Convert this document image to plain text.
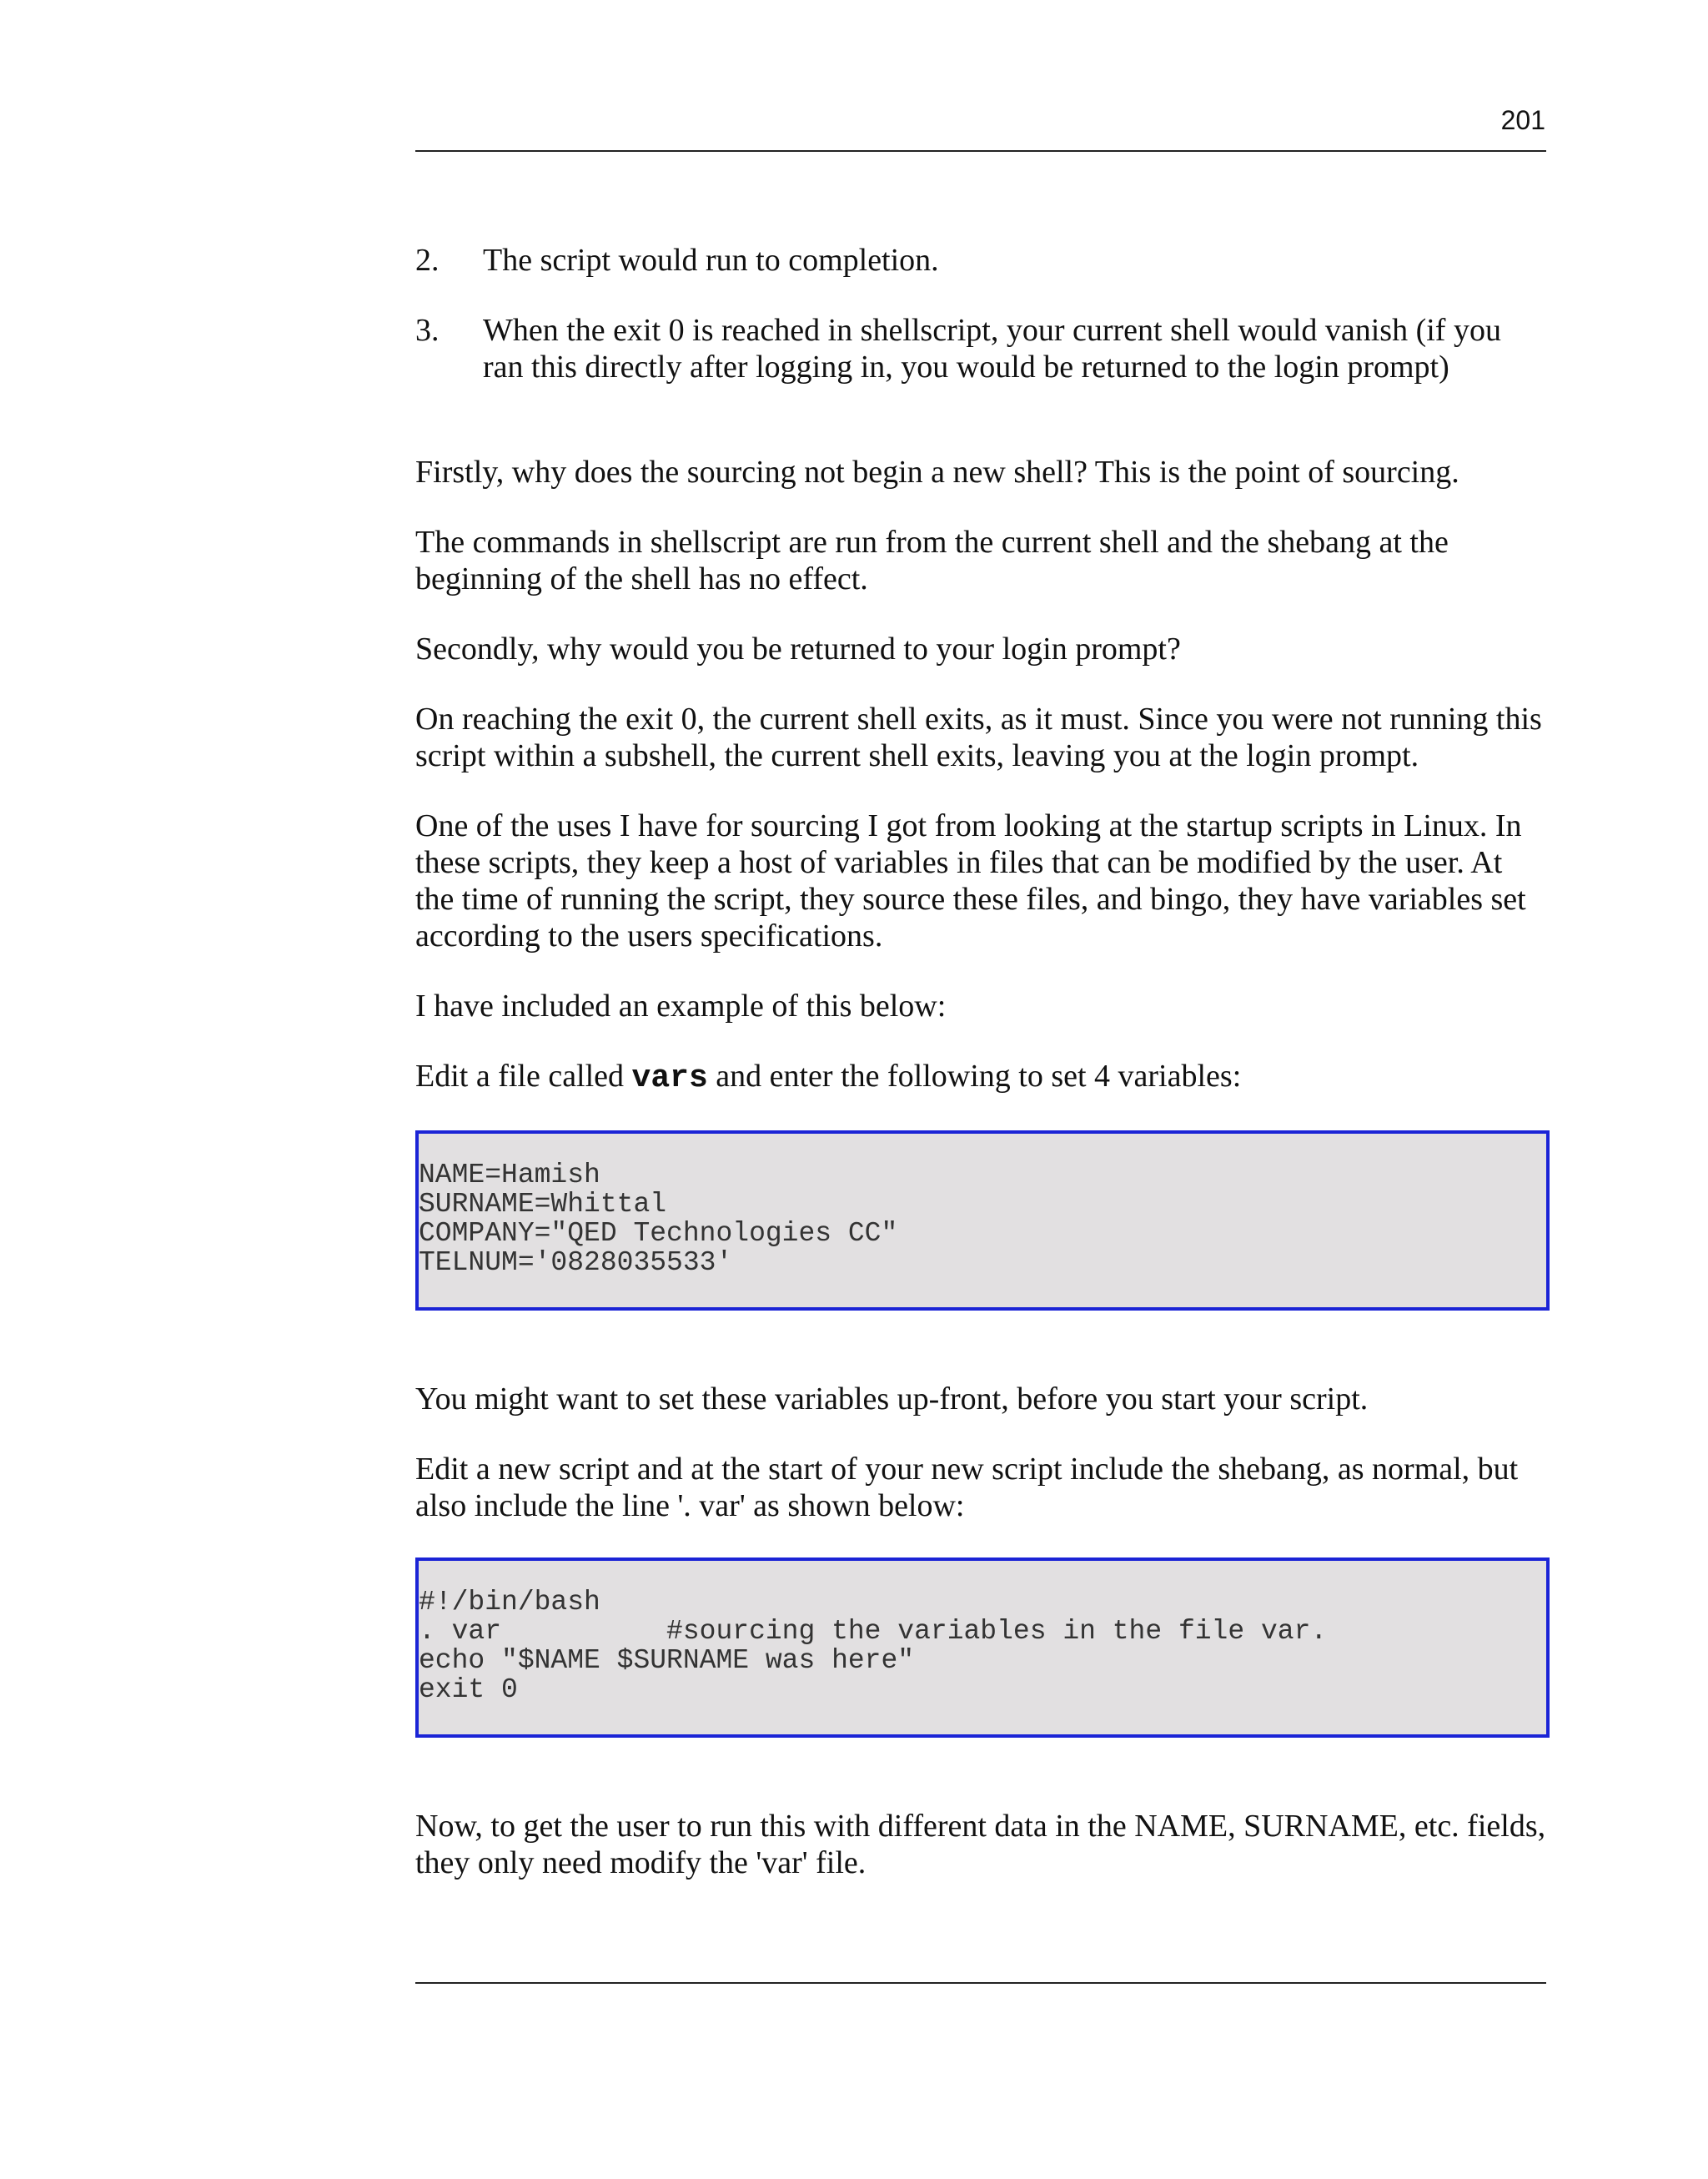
201
2.	The script would run to completion.
3.	When the exit 0 is reached in shellscript, your current shell would vanish (if you ran this directly after logging in, you would be returned to the login prompt)

Firstly, why does the sourcing not begin a new shell? This is the point of sourcing.

The commands in shellscript are run from the current shell and the shebang at the beginning of the shell has no effect.

Secondly, why would you be returned to your login prompt?

On reaching the exit 0, the current shell exits, as it must. Since you were not running this script within a subshell, the current shell exits, leaving you at the login prompt.

One of the uses I have for sourcing I got from looking at the startup scripts in Linux. In these scripts, they keep a host of variables in files that can be modified by the user. At the time of running the script, they source these files, and bingo, they have variables set according to the users specifications.

I have included an example of this below:

Edit a file called vars and enter the following to set 4 variables:

NAME=Hamish
SURNAME=Whittal
COMPANY="QED Technologies CC"
TELNUM='0828035533'

You might want to set these variables up-front, before you start your script.

Edit a new script and at the start of your new script include the shebang, as normal, but also include the line '. var' as shown below:

#!/bin/bash
. var          #sourcing the variables in the file var.
echo "$NAME $SURNAME was here"
exit 0

Now, to get the user to run this with different data in the NAME, SURNAME, etc. fields, they only need modify the 'var' file.
